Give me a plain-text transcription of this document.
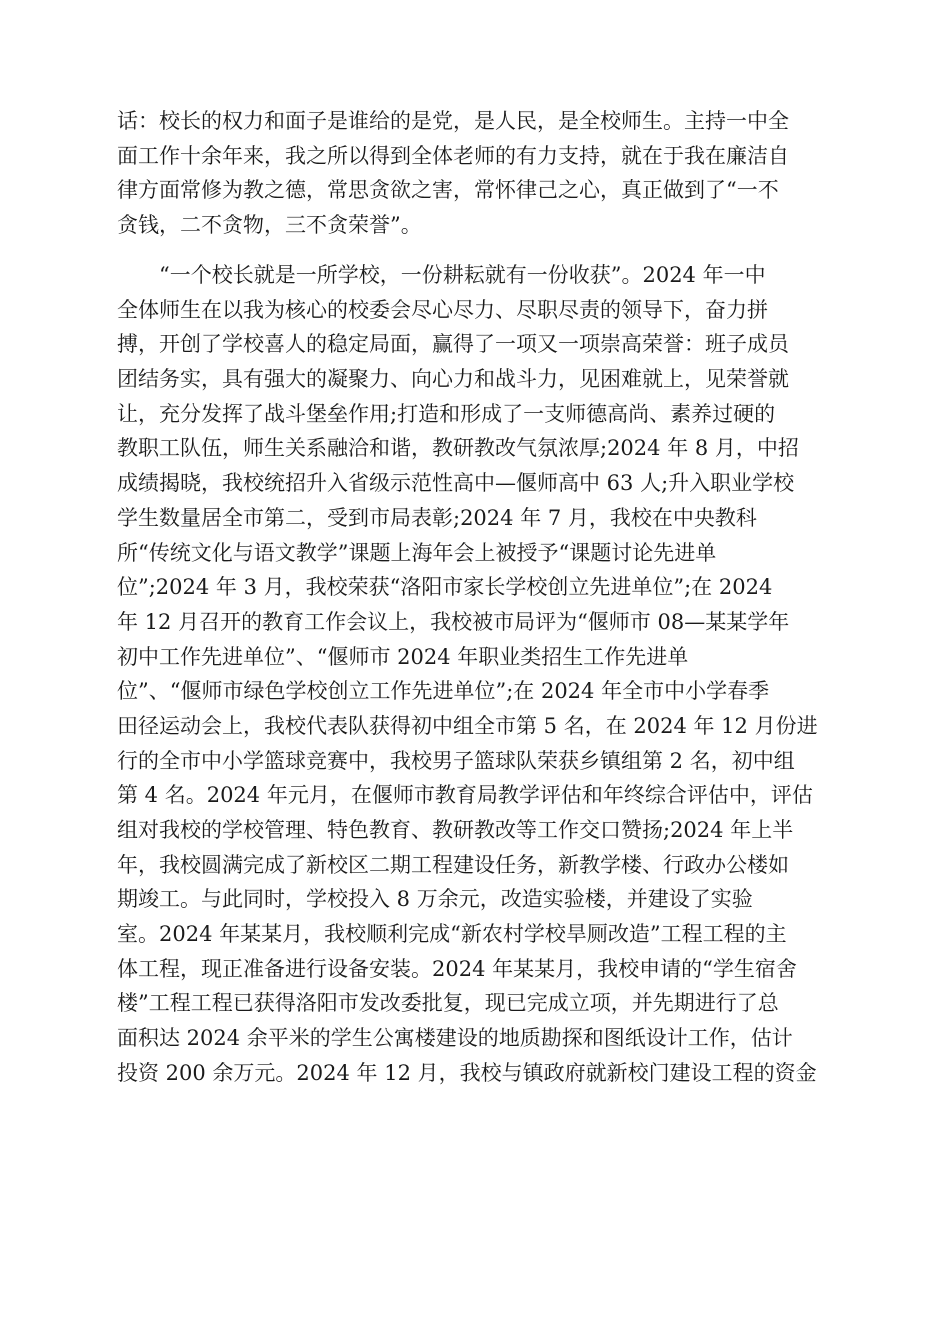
话：校长的权力和面子是谁给的是党，是人民，是全校师生。主持一中全
面工作十余年来，我之所以得到全体老师的有力支持，就在于我在廉洁自
律方面常修为教之德，常思贪欲之害，常怀律己之心，真正做到了“一不
贪钱，二不贪物，三不贪荣誉”。
　　“一个校长就是一所学校，一份耕耘就有一份收获”。2024 年一中
全体师生在以我为核心的校委会尽心尽力、尽职尽责的领导下，奋力拼
搏，开创了学校喜人的稳定局面，赢得了一项又一项崇高荣誉：班子成员
团结务实，具有强大的凝聚力、向心力和战斗力，见困难就上，见荣誉就
让，充分发挥了战斗堡垒作用;打造和形成了一支师德高尚、素养过硬的
教职工队伍，师生关系融洽和谐，教研教改气氛浓厚;2024 年 8 月，中招
成绩揭晓，我校统招升入省级示范性高中—偃师高中 63 人;升入职业学校
学生数量居全市第二，受到市局表彰;2024 年 7 月，我校在中央教科
所“传统文化与语文教学”课题上海年会上被授予“课题讨论先进单
位”;2024 年 3 月，我校荣获“洛阳市家长学校创立先进单位”;在 2024
年 12 月召开的教育工作会议上，我校被市局评为“偃师市 08—某某学年
初中工作先进单位”、“偃师市 2024 年职业类招生工作先进单
位”、“偃师市绿色学校创立工作先进单位”;在 2024 年全市中小学春季
田径运动会上，我校代表队获得初中组全市第 5 名，在 2024 年 12 月份进
行的全市中小学篮球竞赛中，我校男子篮球队荣获乡镇组第 2 名，初中组
第 4 名。2024 年元月，在偃师市教育局教学评估和年终综合评估中，评估
组对我校的学校管理、特色教育、教研教改等工作交口赞扬;2024 年上半
年，我校圆满完成了新校区二期工程建设任务，新教学楼、行政办公楼如
期竣工。与此同时，学校投入 8 万余元，改造实验楼，并建设了实验
室。2024 年某某月，我校顺利完成“新农村学校旱厕改造”工程工程的主
体工程，现正准备进行设备安装。2024 年某某月，我校申请的“学生宿舍
楼”工程工程已获得洛阳市发改委批复，现已完成立项，并先期进行了总
面积达 2024 余平米的学生公寓楼建设的地质勘探和图纸设计工作，估计
投资 200 余万元。2024 年 12 月，我校与镇政府就新校门建设工程的资金
